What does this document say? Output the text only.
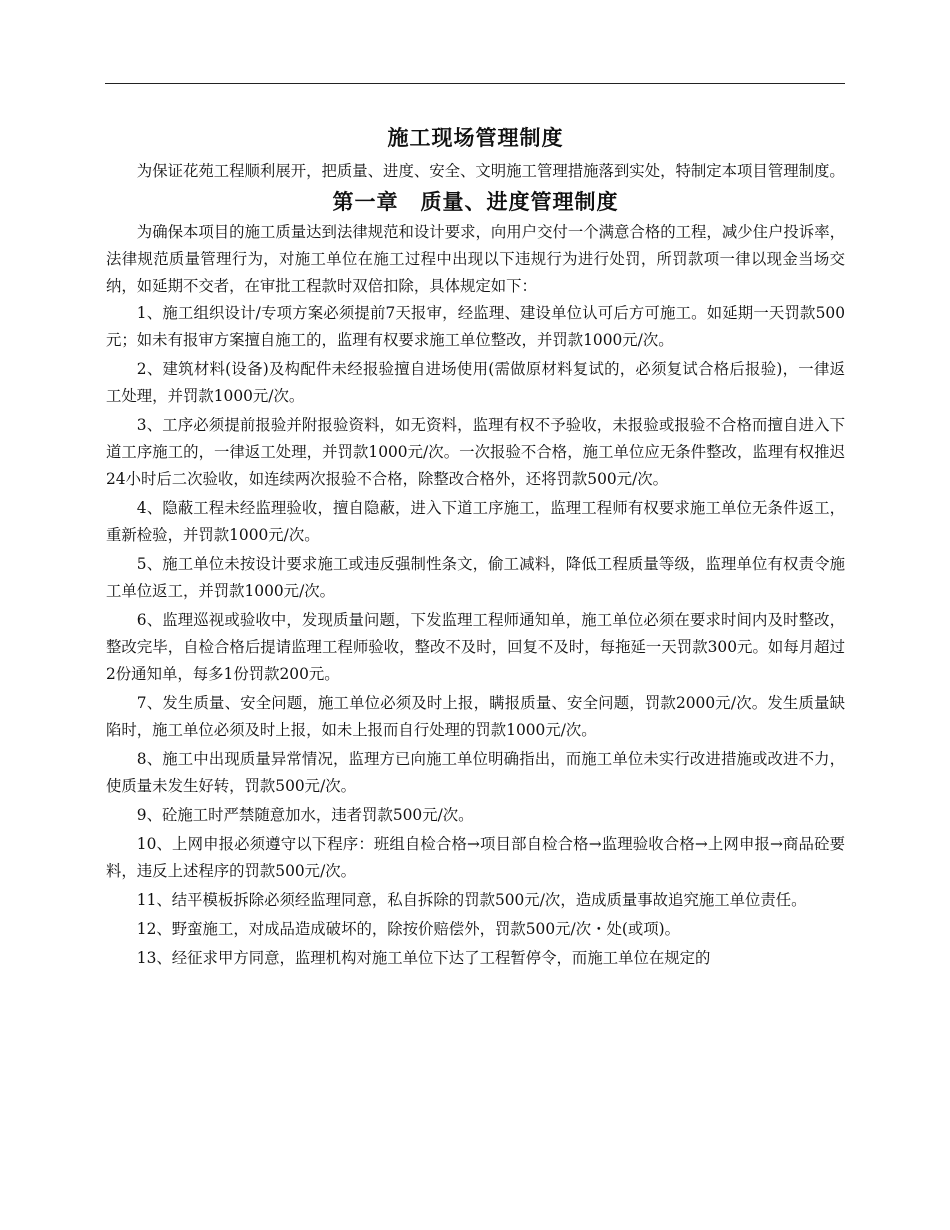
施工现场管理制度

为保证花苑工程顺利展开，把质量、进度、安全、文明施工管理措施落到实处，特制定本项目管理制度。

第一章　质量、进度管理制度

为确保本项目的施工质量达到法律规范和设计要求，向用户交付一个满意合格的工程，减少住户投诉率，法律规范质量管理行为，对施工单位在施工过程中出现以下违规行为进行处罚，所罚款项一律以现金当场交纳，如延期不交者，在审批工程款时双倍扣除，具体规定如下：

1、施工组织设计/专项方案必须提前7天报审，经监理、建设单位认可后方可施工。如延期一天罚款500元；如未有报审方案擅自施工的，监理有权要求施工单位整改，并罚款1000元/次。

2、建筑材料(设备)及构配件未经报验擅自进场使用(需做原材料复试的，必须复试合格后报验)，一律返工处理，并罚款1000元/次。

3、工序必须提前报验并附报验资料，如无资料，监理有权不予验收，未报验或报验不合格而擅自进入下道工序施工的，一律返工处理，并罚款1000元/次。一次报验不合格，施工单位应无条件整改，监理有权推迟24小时后二次验收，如连续两次报验不合格，除整改合格外，还将罚款500元/次。

4、隐蔽工程未经监理验收，擅自隐蔽，进入下道工序施工，监理工程师有权要求施工单位无条件返工，重新检验，并罚款1000元/次。

5、施工单位未按设计要求施工或违反强制性条文，偷工减料，降低工程质量等级，监理单位有权责令施工单位返工，并罚款1000元/次。

6、监理巡视或验收中，发现质量问题，下发监理工程师通知单，施工单位必须在要求时间内及时整改，整改完毕，自检合格后提请监理工程师验收，整改不及时，回复不及时，每拖延一天罚款300元。如每月超过2份通知单，每多1份罚款200元。

7、发生质量、安全问题，施工单位必须及时上报，瞒报质量、安全问题，罚款2000元/次。发生质量缺陷时，施工单位必须及时上报，如未上报而自行处理的罚款1000元/次。

8、施工中出现质量异常情况，监理方已向施工单位明确指出，而施工单位未实行改进措施或改进不力，使质量未发生好转，罚款500元/次。

9、砼施工时严禁随意加水，违者罚款500元/次。

10、上网申报必须遵守以下程序：班组自检合格→项目部自检合格→监理验收合格→上网申报→商品砼要料，违反上述程序的罚款500元/次。

11、结平模板拆除必须经监理同意，私自拆除的罚款500元/次，造成质量事故追究施工单位责任。

12、野蛮施工，对成品造成破坏的，除按价赔偿外，罚款500元/次・处(或项)。

13、经征求甲方同意，监理机构对施工单位下达了工程暂停令，而施工单位在规定的
